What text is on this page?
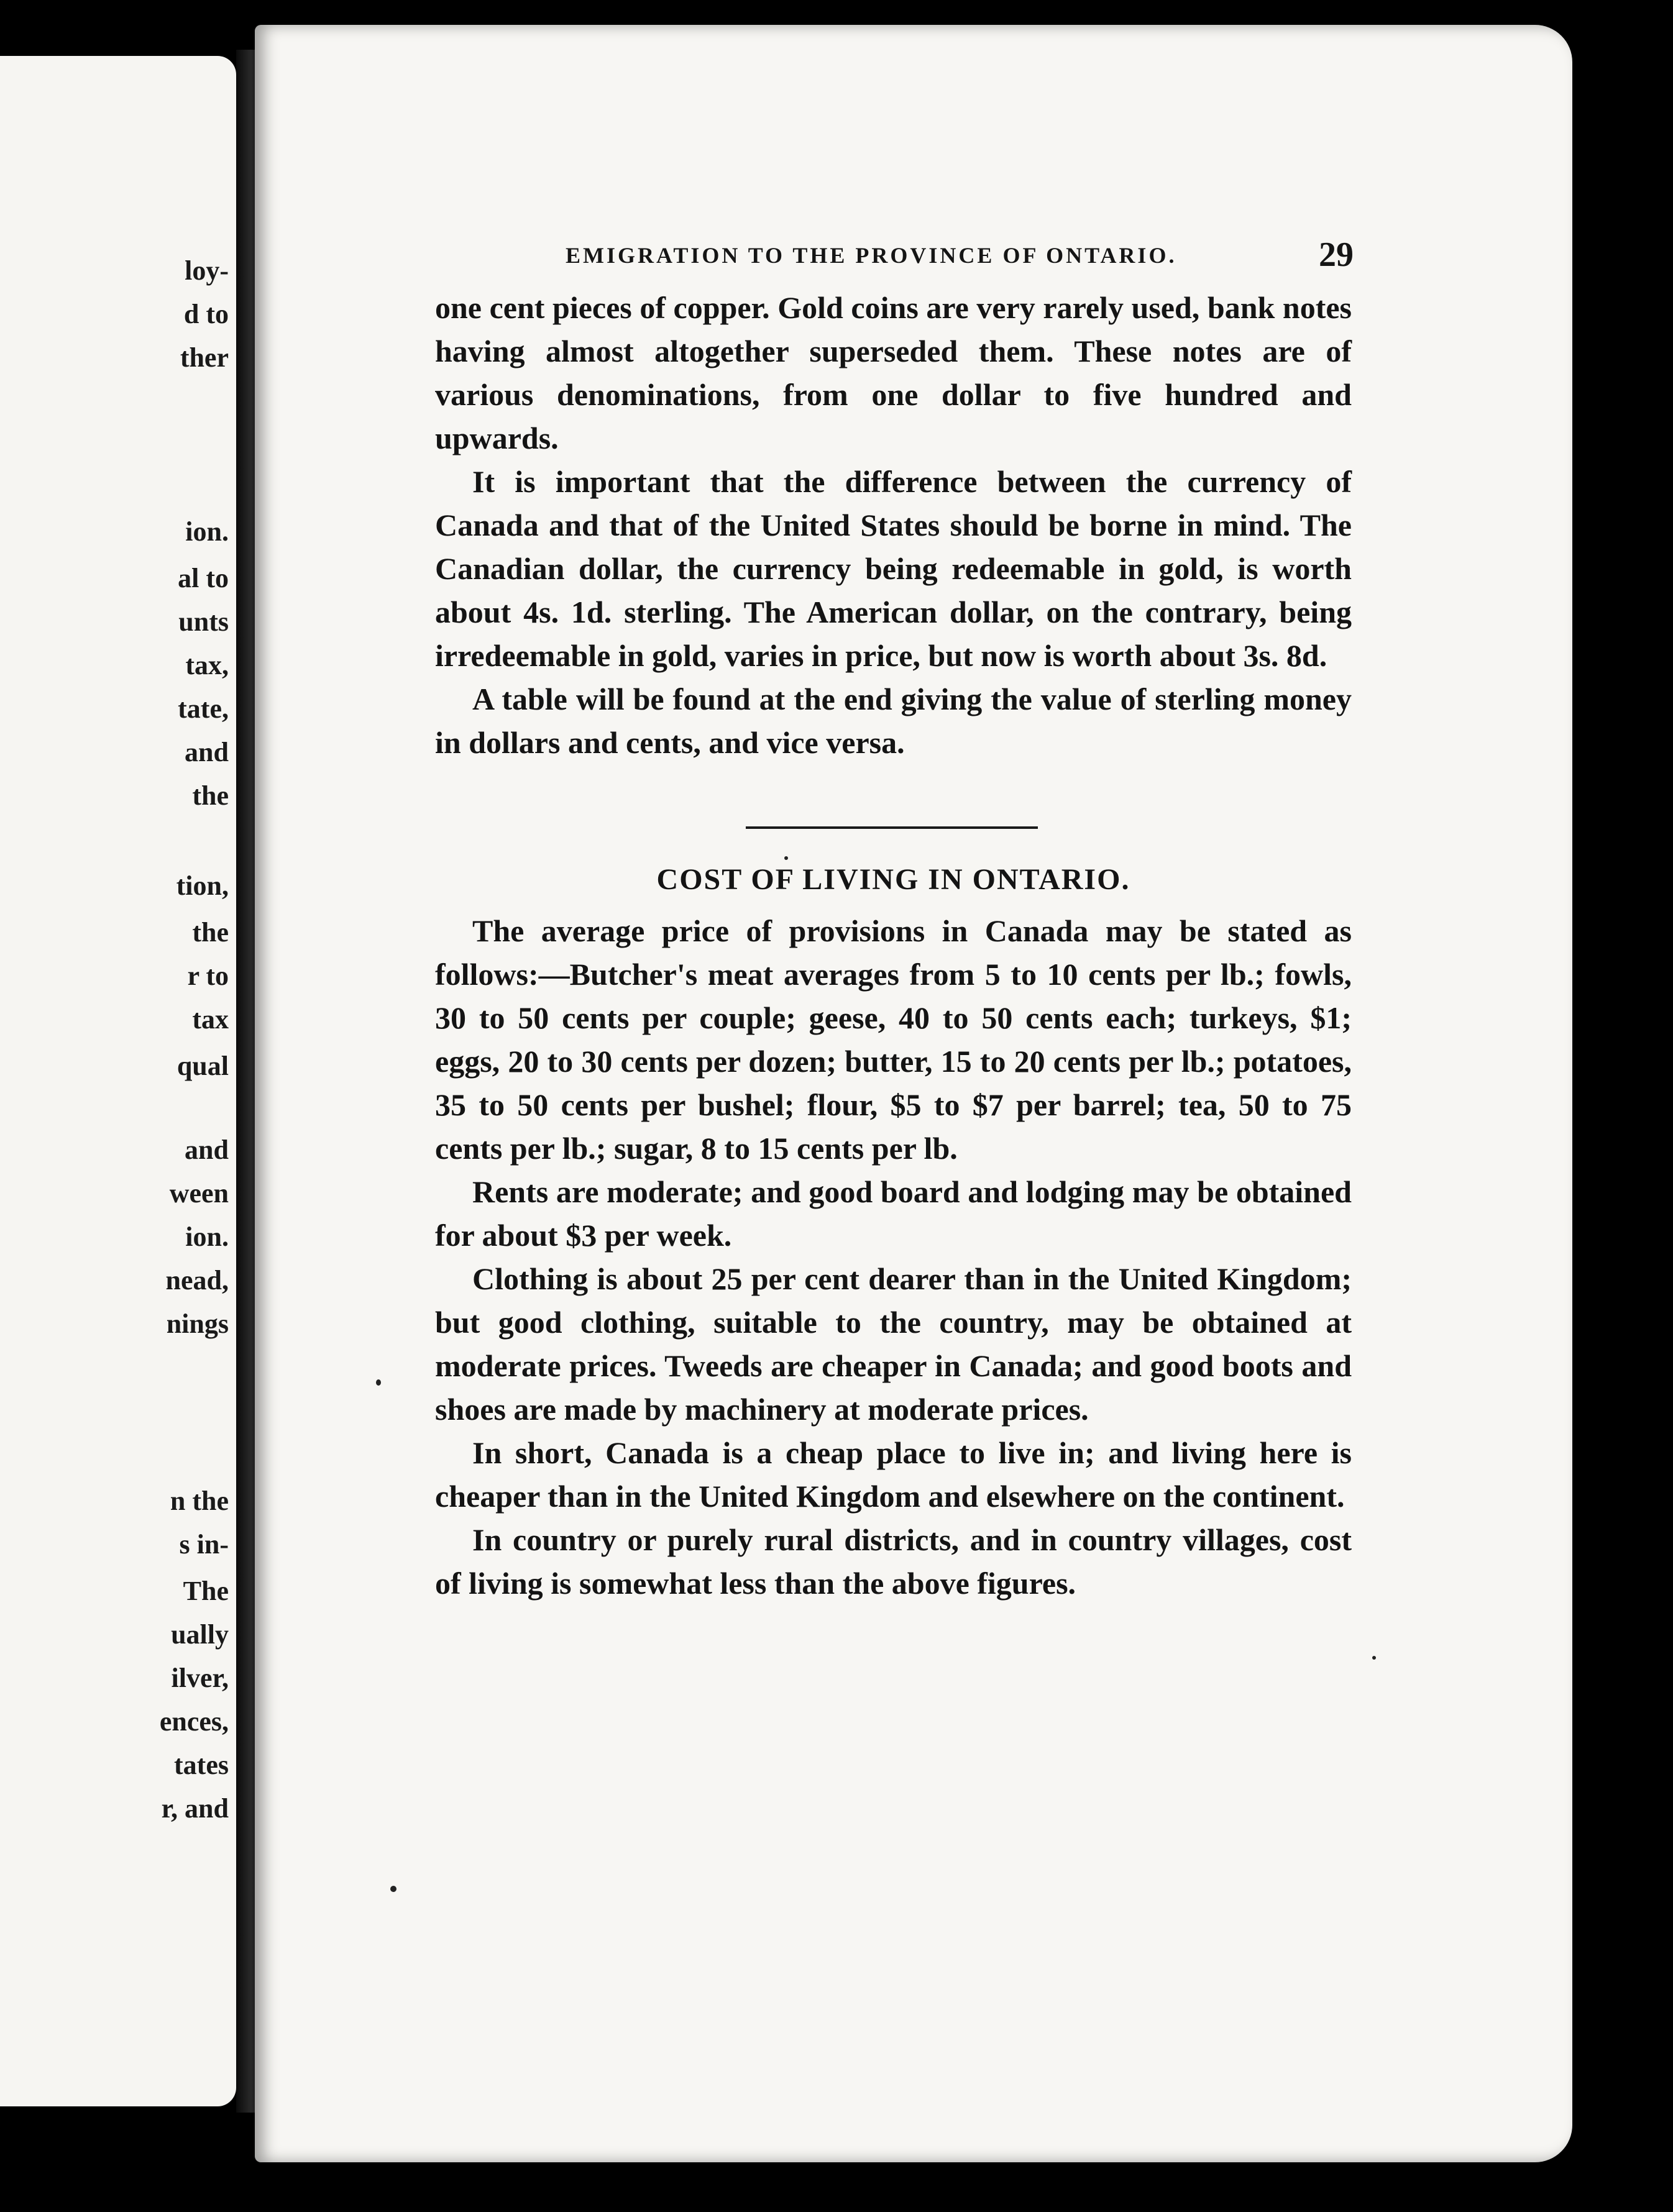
loy-
d to
ther
ion.
al to
unts
tax,
tate,
and
the
tion,
the
r to
tax
qual
and
ween
ion.
nead,
nings
n the
s in-
The
ually
ilver,
ences,
tates
r, and
EMIGRATION TO THE PROVINCE OF ONTARIO.	29

one cent pieces of copper. Gold coins are very rarely used, bank notes having almost altogether superseded them. These notes are of various denominations, from one dollar to five hundred and upwards.

It is important that the difference between the currency of Canada and that of the United States should be borne in mind. The Canadian dollar, the currency being redeemable in gold, is worth about 4s. 1d. sterling. The American dollar, on the contrary, being irredeemable in gold, varies in price, but now is worth about 3s. 8d.

A table will be found at the end giving the value of sterling money in dollars and cents, and vice versa.

COST OF LIVING IN ONTARIO.

The average price of provisions in Canada may be stated as follows:—Butcher's meat averages from 5 to 10 cents per lb.; fowls, 30 to 50 cents per couple; geese, 40 to 50 cents each; turkeys, $1; eggs, 20 to 30 cents per dozen; butter, 15 to 20 cents per lb.; potatoes, 35 to 50 cents per bushel; flour, $5 to $7 per barrel; tea, 50 to 75 cents per lb.; sugar, 8 to 15 cents per lb.

Rents are moderate; and good board and lodging may be obtained for about $3 per week.

Clothing is about 25 per cent dearer than in the United Kingdom; but good clothing, suitable to the country, may be obtained at moderate prices. Tweeds are cheaper in Canada; and good boots and shoes are made by machinery at moderate prices.

In short, Canada is a cheap place to live in; and living here is cheaper than in the United Kingdom and elsewhere on the continent.

In country or purely rural districts, and in country villages, cost of living is somewhat less than the above figures.
